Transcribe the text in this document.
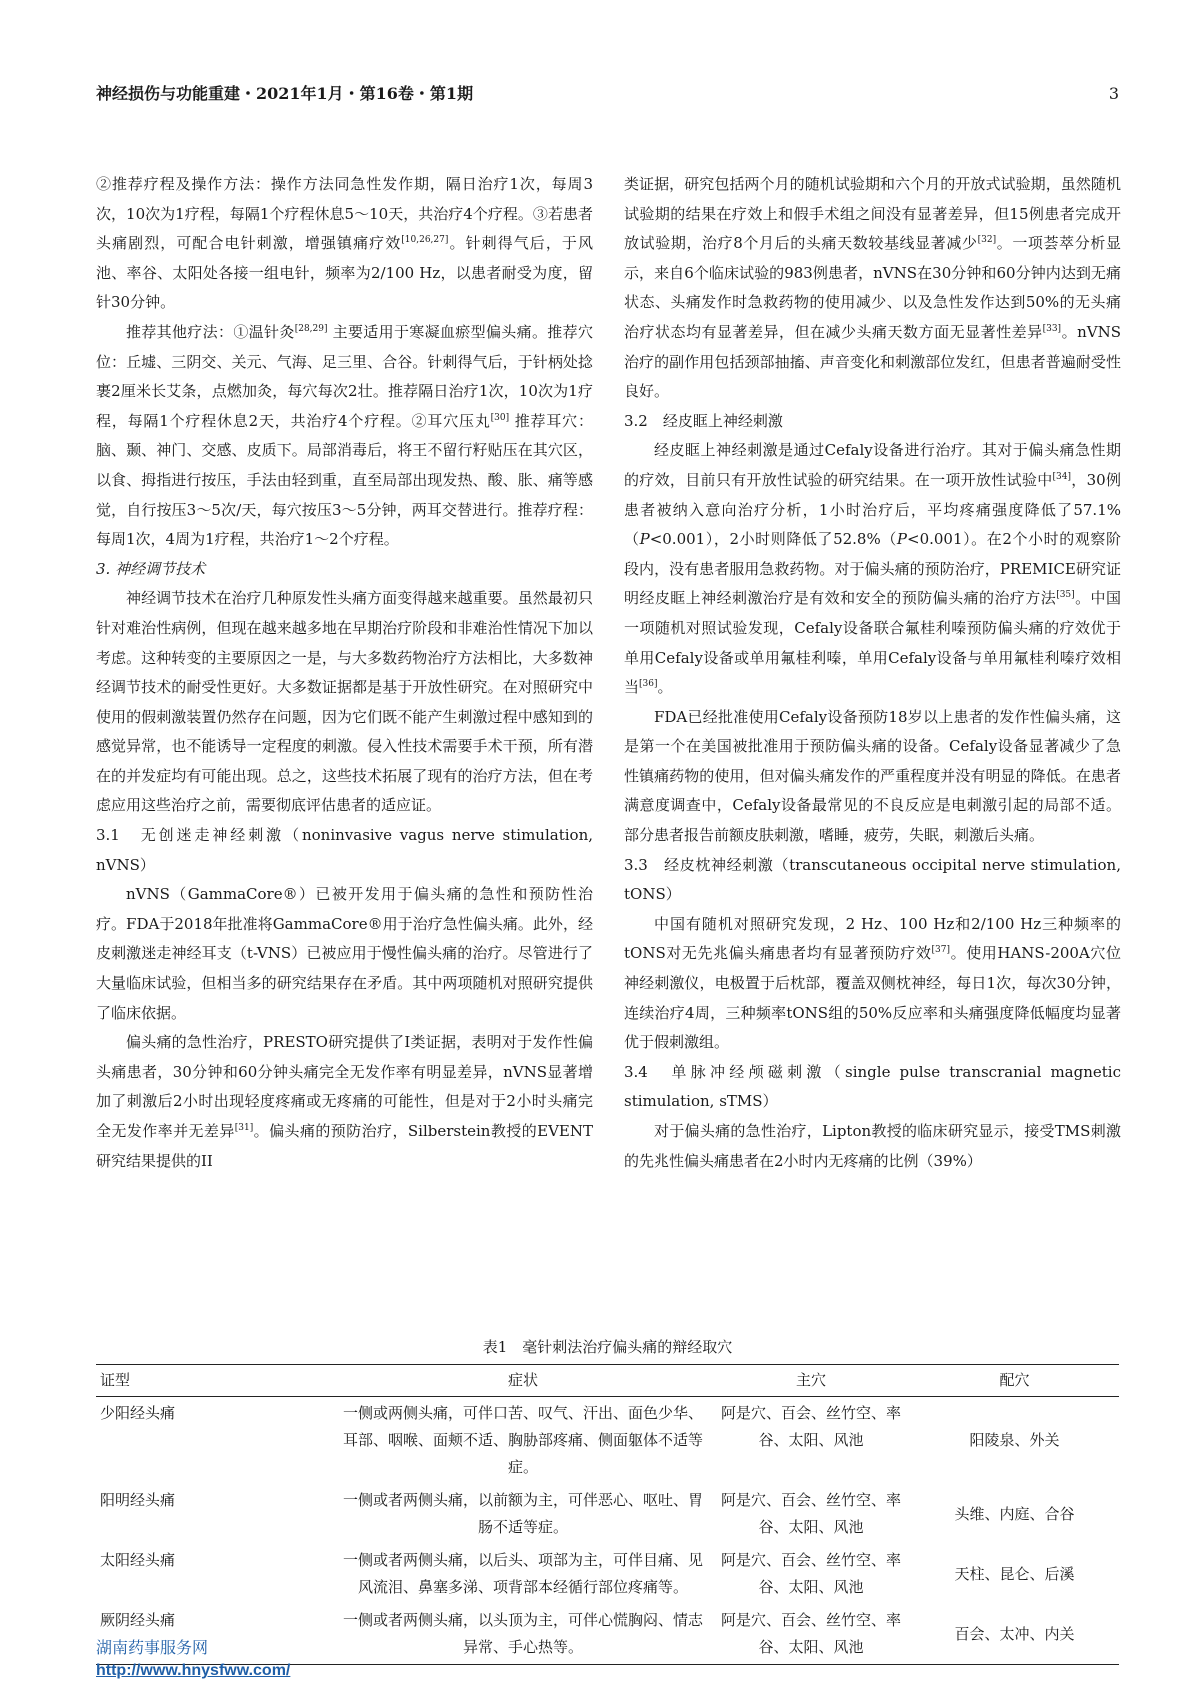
神经损伤与功能重建・2021年1月・第16卷・第1期	3

②推荐疗程及操作方法：操作方法同急性发作期，隔日治疗1次，每周3次，10次为1疗程，每隔1个疗程休息5～10天，共治疗4个疗程。③若患者头痛剧烈，可配合电针刺激，增强镇痛疗效[10,26,27]。针刺得气后，于风池、率谷、太阳处各接一组电针，频率为2/100 Hz，以患者耐受为度，留针30分钟。

推荐其他疗法：①温针灸[28,29] 主要适用于寒凝血瘀型偏头痛。推荐穴位：丘墟、三阴交、关元、气海、足三里、合谷。针刺得气后，于针柄处捻裹2厘米长艾条，点燃加灸，每穴每次2壮。推荐隔日治疗1次，10次为1疗程，每隔1个疗程休息2天，共治疗4个疗程。②耳穴压丸[30] 推荐耳穴：脑、颞、神门、交感、皮质下。局部消毒后，将王不留行籽贴压在其穴区，以食、拇指进行按压，手法由轻到重，直至局部出现发热、酸、胀、痛等感觉，自行按压3～5次/天，每穴按压3～5分钟，两耳交替进行。推荐疗程：每周1次，4周为1疗程，共治疗1～2个疗程。

3. 神经调节技术

神经调节技术在治疗几种原发性头痛方面变得越来越重要。虽然最初只针对难治性病例，但现在越来越多地在早期治疗阶段和非难治性情况下加以考虑。这种转变的主要原因之一是，与大多数药物治疗方法相比，大多数神经调节技术的耐受性更好。大多数证据都是基于开放性研究。在对照研究中使用的假刺激装置仍然存在问题，因为它们既不能产生刺激过程中感知到的感觉异常，也不能诱导一定程度的刺激。侵入性技术需要手术干预，所有潜在的并发症均有可能出现。总之，这些技术拓展了现有的治疗方法，但在考虑应用这些治疗之前，需要彻底评估患者的适应证。

3.1　无创迷走神经刺激（noninvasive vagus nerve stimulation, nVNS）

nVNS（GammaCore®）已被开发用于偏头痛的急性和预防性治疗。FDA于2018年批准将GammaCore®用于治疗急性偏头痛。此外，经皮刺激迷走神经耳支（t-VNS）已被应用于慢性偏头痛的治疗。尽管进行了大量临床试验，但相当多的研究结果存在矛盾。其中两项随机对照研究提供了临床依据。

偏头痛的急性治疗，PRESTO研究提供了I类证据，表明对于发作性偏头痛患者，30分钟和60分钟头痛完全无发作率有明显差异，nVNS显著增加了刺激后2小时出现轻度疼痛或无疼痛的可能性，但是对于2小时头痛完全无发作率并无差异[31]。偏头痛的预防治疗，Silberstein教授的EVENT研究结果提供的II

类证据，研究包括两个月的随机试验期和六个月的开放式试验期，虽然随机试验期的结果在疗效上和假手术组之间没有显著差异，但15例患者完成开放试验期，治疗8个月后的头痛天数较基线显著减少[32]。一项荟萃分析显示，来自6个临床试验的983例患者，nVNS在30分钟和60分钟内达到无痛状态、头痛发作时急救药物的使用减少、以及急性发作达到50%的无头痛治疗状态均有显著差异，但在减少头痛天数方面无显著性差异[33]。nVNS治疗的副作用包括颈部抽搐、声音变化和刺激部位发红，但患者普遍耐受性良好。

3.2　经皮眶上神经刺激

经皮眶上神经刺激是通过Cefaly设备进行治疗。其对于偏头痛急性期的疗效，目前只有开放性试验的研究结果。在一项开放性试验中[34]，30例患者被纳入意向治疗分析，1小时治疗后，平均疼痛强度降低了57.1%（P<0.001），2小时则降低了52.8%（P<0.001）。在2个小时的观察阶段内，没有患者服用急救药物。对于偏头痛的预防治疗，PREMICE研究证明经皮眶上神经刺激治疗是有效和安全的预防偏头痛的治疗方法[35]。中国一项随机对照试验发现，Cefaly设备联合氟桂利嗪预防偏头痛的疗效优于单用Cefaly设备或单用氟桂利嗪，单用Cefaly设备与单用氟桂利嗪疗效相当[36]。

FDA已经批准使用Cefaly设备预防18岁以上患者的发作性偏头痛，这是第一个在美国被批准用于预防偏头痛的设备。Cefaly设备显著减少了急性镇痛药物的使用，但对偏头痛发作的严重程度并没有明显的降低。在患者满意度调查中，Cefaly设备最常见的不良反应是电刺激引起的局部不适。部分患者报告前额皮肤刺激，嗜睡，疲劳，失眠，刺激后头痛。

3.3　经皮枕神经刺激（transcutaneous occipital nerve stimulation, tONS）

中国有随机对照研究发现，2 Hz、100 Hz和2/100 Hz三种频率的tONS对无先兆偏头痛患者均有显著预防疗效[37]。使用HANS-200A穴位神经刺激仪，电极置于后枕部，覆盖双侧枕神经，每日1次，每次30分钟，连续治疗4周，三种频率tONS组的50%反应率和头痛强度降低幅度均显著优于假刺激组。

3.4　单脉冲经颅磁刺激（single pulse transcranial magnetic stimulation, sTMS）

对于偏头痛的急性治疗，Lipton教授的临床研究显示，接受TMS刺激的先兆性偏头痛患者在2小时内无疼痛的比例（39%）

表1　毫针刺法治疗偏头痛的辩经取穴
证型	症状	主穴	配穴
少阳经头痛	一侧或两侧头痛，可伴口苦、叹气、汗出、面色少华、耳部、咽喉、面颊不适、胸胁部疼痛、侧面躯体不适等症。	阿是穴、百会、丝竹空、率谷、太阳、风池	阳陵泉、外关
阳明经头痛	一侧或者两侧头痛，以前额为主，可伴恶心、呕吐、胃肠不适等症。	阿是穴、百会、丝竹空、率谷、太阳、风池	头维、内庭、合谷
太阳经头痛	一侧或者两侧头痛，以后头、项部为主，可伴目痛、见风流泪、鼻塞多涕、项背部本经循行部位疼痛等。	阿是穴、百会、丝竹空、率谷、太阳、风池	天柱、昆仑、后溪
厥阴经头痛	一侧或者两侧头痛，以头顶为主，可伴心慌胸闷、情志异常、手心热等。	阿是穴、百会、丝竹空、率谷、太阳、风池	百会、太冲、内关
湖南药事服务网
http://www.hnysfww.com/
